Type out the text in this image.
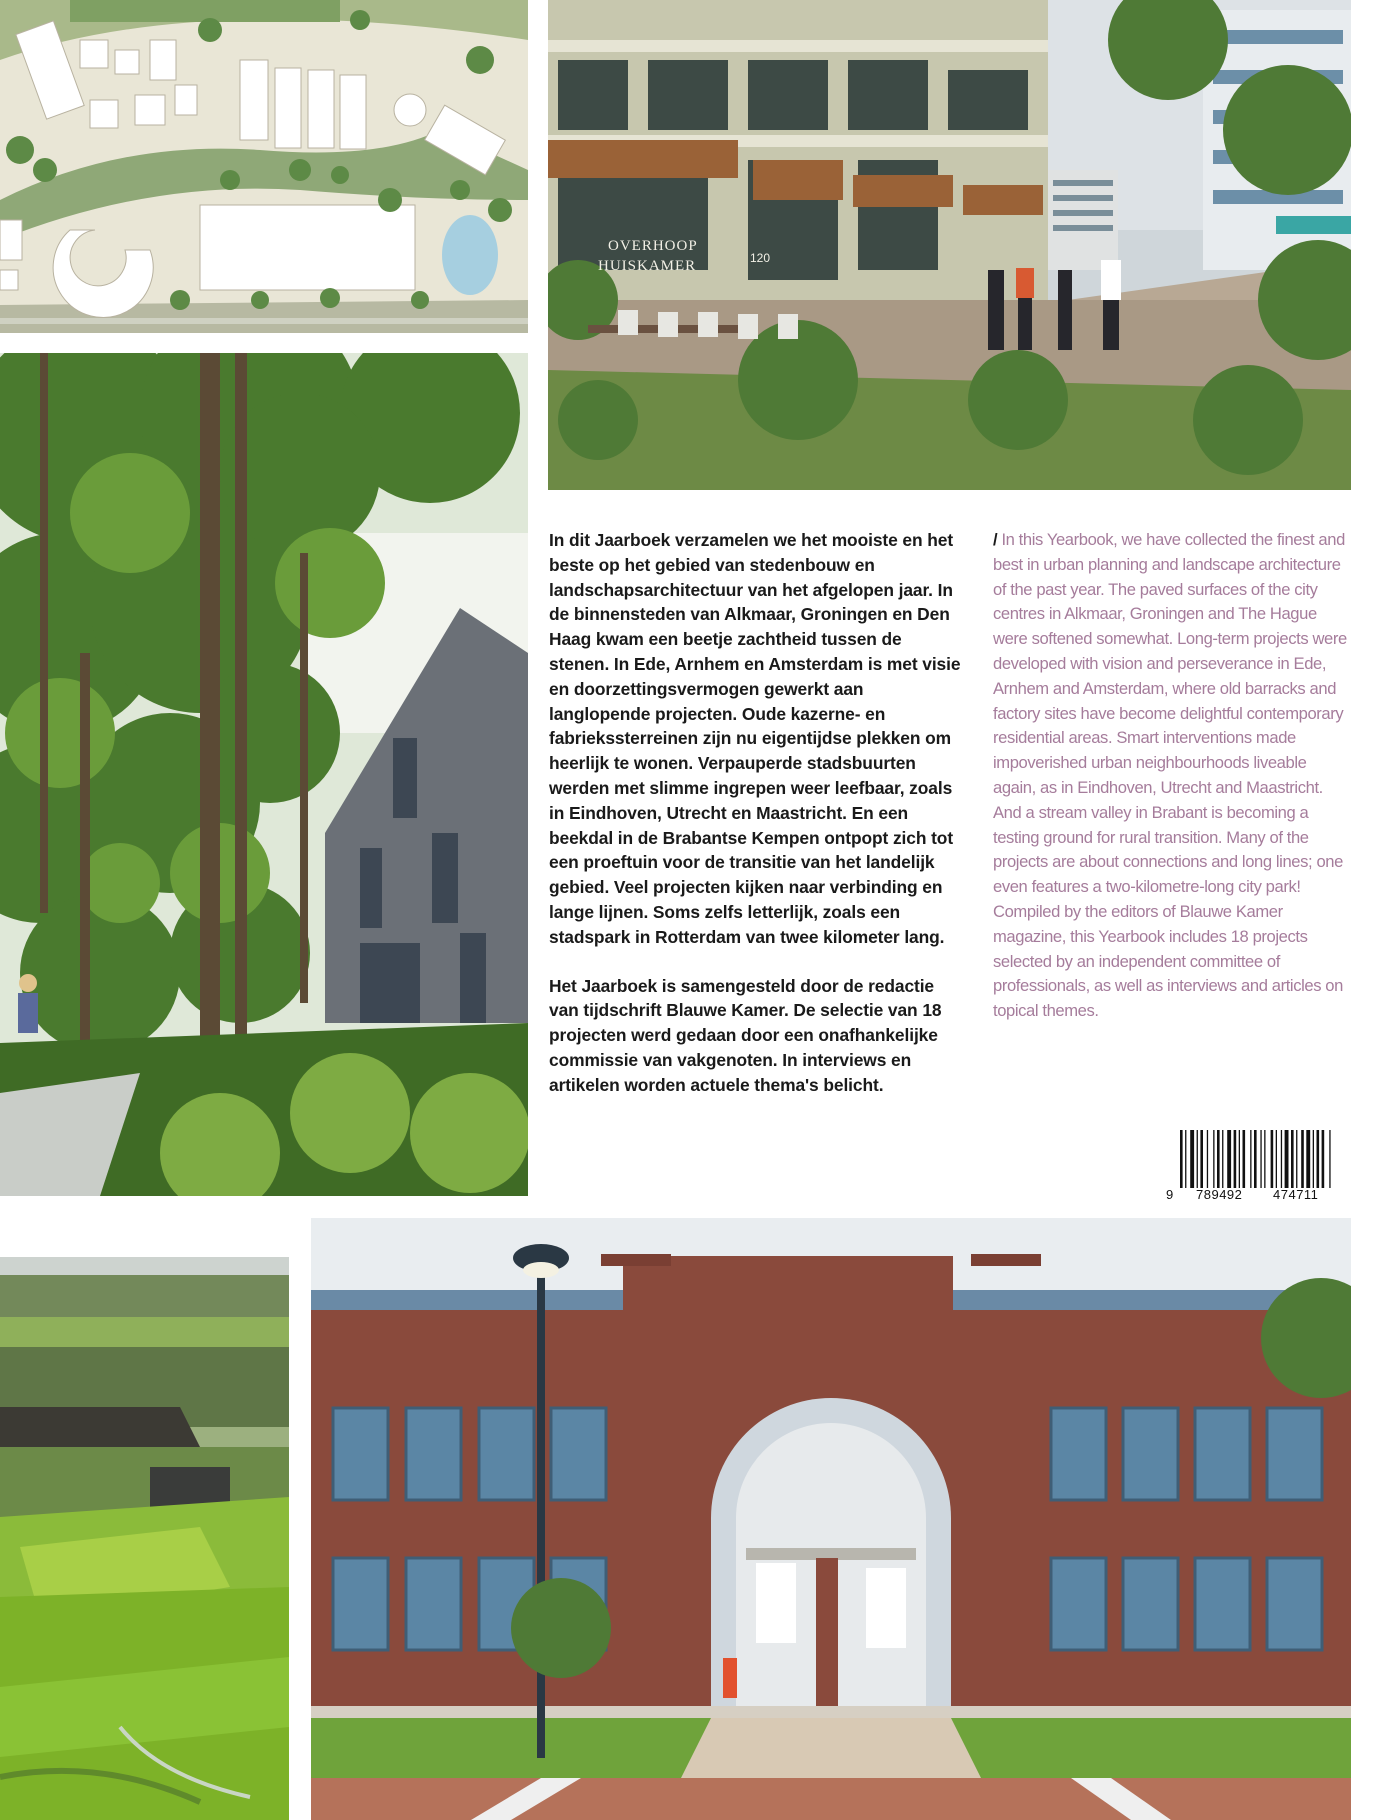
OVERHOOP
HUISKAMER	120

In dit Jaarboek verzamelen we het mooiste en het beste op het gebied van stedenbouw en landschapsarchitectuur van het afgelopen jaar. In de binnensteden van Alkmaar, Groningen en Den Haag kwam een beetje zachtheid tussen de stenen. In Ede, Arnhem en Amsterdam is met visie en doorzettingsvermogen gewerkt aan langlopende projecten. Oude kazerne- en fabriekssterreinen zijn nu eigentijdse plekken om heerlijk te wonen. Verpauperde stadsbuurten werden met slimme ingrepen weer leefbaar, zoals in Eindhoven, Utrecht en Maastricht. En een beekdal in de Brabantse Kempen ontpopt zich tot een proeftuin voor de transitie van het landelijk gebied. Veel projecten kijken naar verbinding en lange lijnen. Soms zelfs letterlijk, zoals een stadspark in Rotterdam van twee kilometer lang.

Het Jaarboek is samengesteld door de redactie van tijdschrift Blauwe Kamer. De selectie van 18 projecten werd gedaan door een onafhankelijke commissie van vakgenoten. In interviews en artikelen worden actuele thema's belicht.

/ In this Yearbook, we have collected the finest and best in urban planning and landscape architecture of the past year. The paved surfaces of the city centres in Alkmaar, Groningen and The Hague were softened somewhat. Long-term projects were developed with vision and perseverance in Ede, Arnhem and Amsterdam, where old barracks and factory sites have become delightful contemporary residential areas. Smart interventions made impoverished urban neighbourhoods liveable again, as in Eindhoven, Utrecht and Maastricht. And a stream valley in Brabant is becoming a testing ground for rural transition. Many of the projects are about connections and long lines; one even features a two-kilometre-long city park! Compiled by the editors of Blauwe Kamer magazine, this Yearbook includes 18 projects selected by an independent committee of professionals, as well as interviews and articles on topical themes.
9 789492 474711
